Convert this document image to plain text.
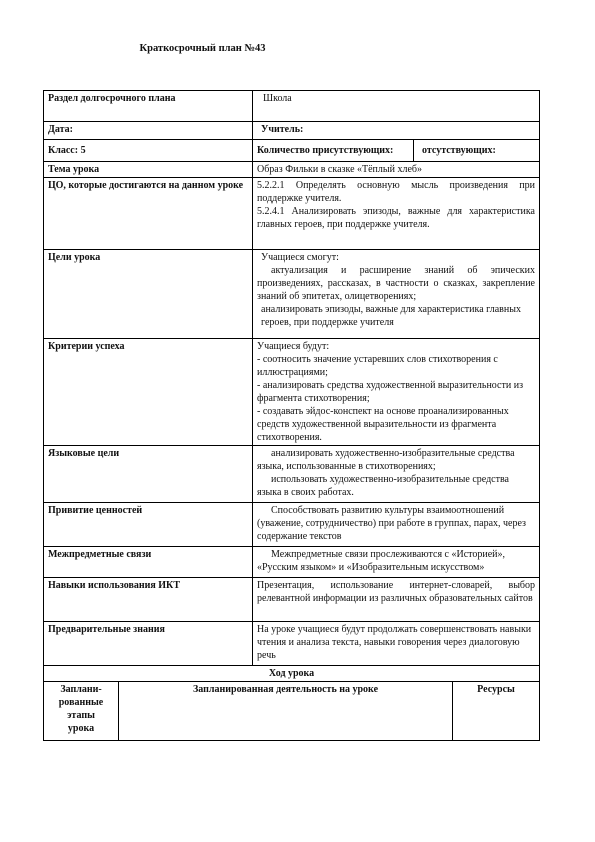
Краткосрочный план №43
Раздел долгосрочного плана		Школа		
Дата:		Учитель:		
Класс: 5		Количество присутствующих:	отсутствующих:	
Тема урока		Образ Фильки в сказке «Тёплый хлеб»		
ЦО, которые достигаются на данном уроке		5.2.2.1 Определять основную мысль произведения при поддержке учителя.

5.2.4.1 Анализировать эпизоды, важные для характеристика главных героев, при поддержке учителя.		

Цели урока		Учащиеся смогут:

актуализация и расширение знаний об эпических произведениях, рассказах, в частности о сказках, закрепление знаний об эпитетах, олицетворениях;

анализировать эпизоды, важные для характеристика главных героев, при поддержке учителя		

Критерии успеха		Учащиеся будут:

- соотносить значение устаревших слов стихотворения с иллюстрациями;

- анализировать средства художественной выразительности из фрагмента стихотворения;

- создавать эйдос-конспект на основе проанализированных средств художественной выразительности из фрагмента стихотворения.		

Языковые цели		анализировать художественно-изобразительные средства языка, использованные в стихотворениях;

использовать художественно-изобразительные средства языка в своих работах.		

Привитие ценностей		Способствовать развитию культуры взаимоотношений (уважение, сотрудничество) при работе в группах, парах, через содержание текстов		
Межпредметные связи		Межпредметные связи прослеживаются с «Историей», «Русским языком» и «Изобразительным искусством»		
Навыки использования ИКТ		Презентация, использование интернет-словарей, выбор релевантной информации из различных образовательных сайтов		
Предварительные знания		На уроке учащиеся будут продолжать совершенствовать навыки чтения и анализа текста, навыки говорения через диалоговую речь		
Ход урока				
Заплани-рованные этапы урока	Запланированная деятельность на уроке			Ресурсы
